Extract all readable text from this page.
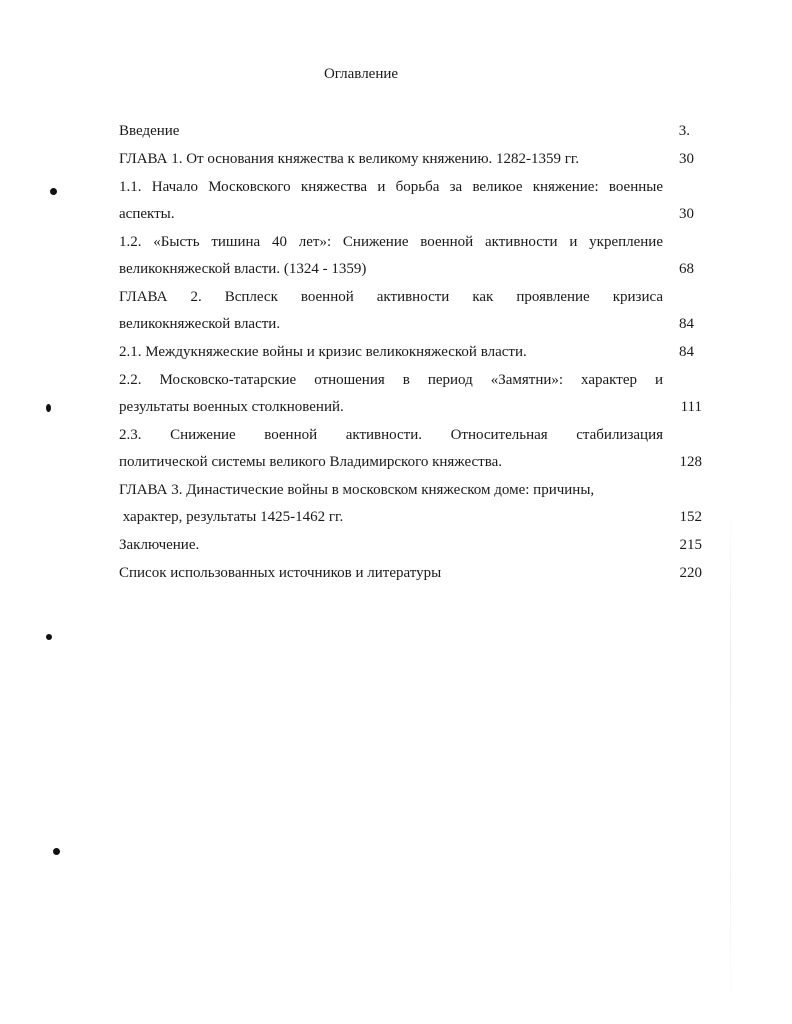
Оглавление
Введение	3.
ГЛАВА 1. От основания княжества к великому княжению. 1282-1359 гг.	30
1.1. Начало Московского княжества и борьба за великое княжение: военные
аспекты.	30
1.2. «Бысть тишина 40 лет»: Снижение военной активности и укрепление
великокняжеской власти. (1324 - 1359)	68
ГЛАВА 2. Всплеск военной активности как проявление кризиса
великокняжеской власти.	84
2.1. Междукняжеские войны и кризис великокняжеской власти.	84
2.2. Московско-татарские отношения в период «Замятни»: характер и
результаты военных столкновений.	111
2.3. Снижение военной активности. Относительная стабилизация
политической системы великого Владимирского княжества.	128
ГЛАВА 3. Династические войны в московском княжеском доме: причины,
характер, результаты 1425-1462 гг.	152
Заключение.	215
Список использованных источников и литературы	220
